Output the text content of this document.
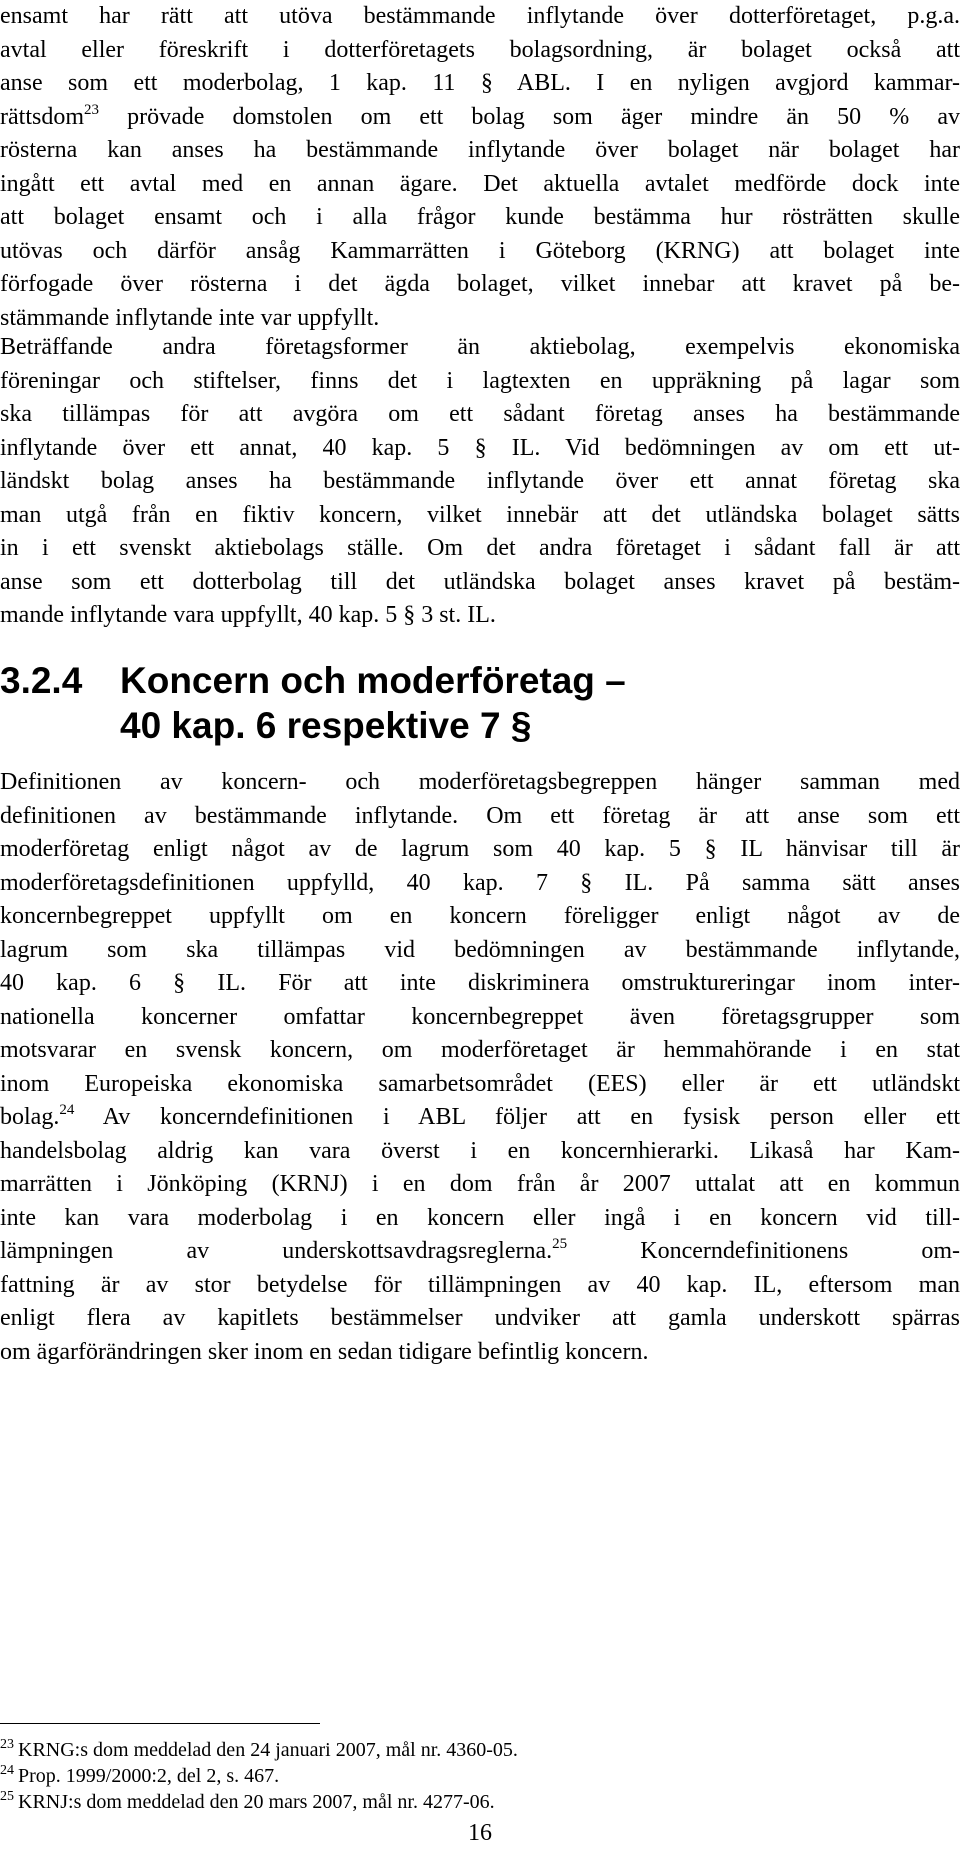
ensamt har rätt att utöva bestämmande inflytande över dotterföretaget, p.g.a.
avtal eller föreskrift i dotterföretagets bolagsordning, är bolaget också att
anse som ett moderbolag, 1 kap. 11 § ABL. I en nyligen avgjord kammar-
rättsdom$^{23}$ prövade domstolen om ett bolag som äger mindre än 50 % av
rösterna kan anses ha bestämmande inflytande över bolaget när bolaget har
ingått ett avtal med en annan ägare. Det aktuella avtalet medförde dock inte
att bolaget ensamt och i alla frågor kunde bestämma hur rösträtten skulle
utövas och därför ansåg Kammarrätten i Göteborg (KRNG) att bolaget inte
förfogade över rösterna i det ägda bolaget, vilket innebar att kravet på be-
stämmande inflytande inte var uppfyllt.
Beträffande andra företagsformer än aktiebolag, exempelvis ekonomiska
föreningar och stiftelser, finns det i lagtexten en uppräkning på lagar som
ska tillämpas för att avgöra om ett sådant företag anses ha bestämmande
inflytande över ett annat, 40 kap. 5 § IL. Vid bedömningen av om ett ut-
ländskt bolag anses ha bestämmande inflytande över ett annat företag ska
man utgå från en fiktiv koncern, vilket innebär att det utländska bolaget sätts
in i ett svenskt aktiebolags ställe. Om det andra företaget i sådant fall är att
anse som ett dotterbolag till det utländska bolaget anses kravet på bestäm-
mande inflytande vara uppfyllt, 40 kap. 5 § 3 st. IL.
3.2.4 Koncern och moderföretag –
40 kap. 6 respektive 7 §
Definitionen av koncern- och moderföretagsbegreppen hänger samman med
definitionen av bestämmande inflytande. Om ett företag är att anse som ett
moderföretag enligt något av de lagrum som 40 kap. 5 § IL hänvisar till är
moderföretagsdefinitionen uppfylld, 40 kap. 7 § IL. På samma sätt anses
koncernbegreppet uppfyllt om en koncern föreligger enligt något av de
lagrum som ska tillämpas vid bedömningen av bestämmande inflytande,
40 kap. 6 § IL. För att inte diskriminera omstruktureringar inom inter-
nationella koncerner omfattar koncernbegreppet även företagsgrupper som
motsvarar en svensk koncern, om moderföretaget är hemmahörande i en stat
inom Europeiska ekonomiska samarbetsområdet (EES) eller är ett utländskt
bolag.$^{24}$ Av koncerndefinitionen i ABL följer att en fysisk person eller ett
handelsbolag aldrig kan vara överst i en koncernhierarki. Likaså har Kam-
marrätten i Jönköping (KRNJ) i en dom från år 2007 uttalat att en kommun
inte kan vara moderbolag i en koncern eller ingå i en koncern vid till-
lämpningen av underskottsavdragsreglerna.$^{25}$ Koncerndefinitionens om-
fattning är av stor betydelse för tillämpningen av 40 kap. IL, eftersom man
enligt flera av kapitlets bestämmelser undviker att gamla underskott spärras
om ägarförändringen sker inom en sedan tidigare befintlig koncern.
$^{23}$ KRNG:s dom meddelad den 24 januari 2007, mål nr. 4360-05.
$^{24}$ Prop. 1999/2000:2, del 2, s. 467.
$^{25}$ KRNJ:s dom meddelad den 20 mars 2007, mål nr. 4277-06.
16
